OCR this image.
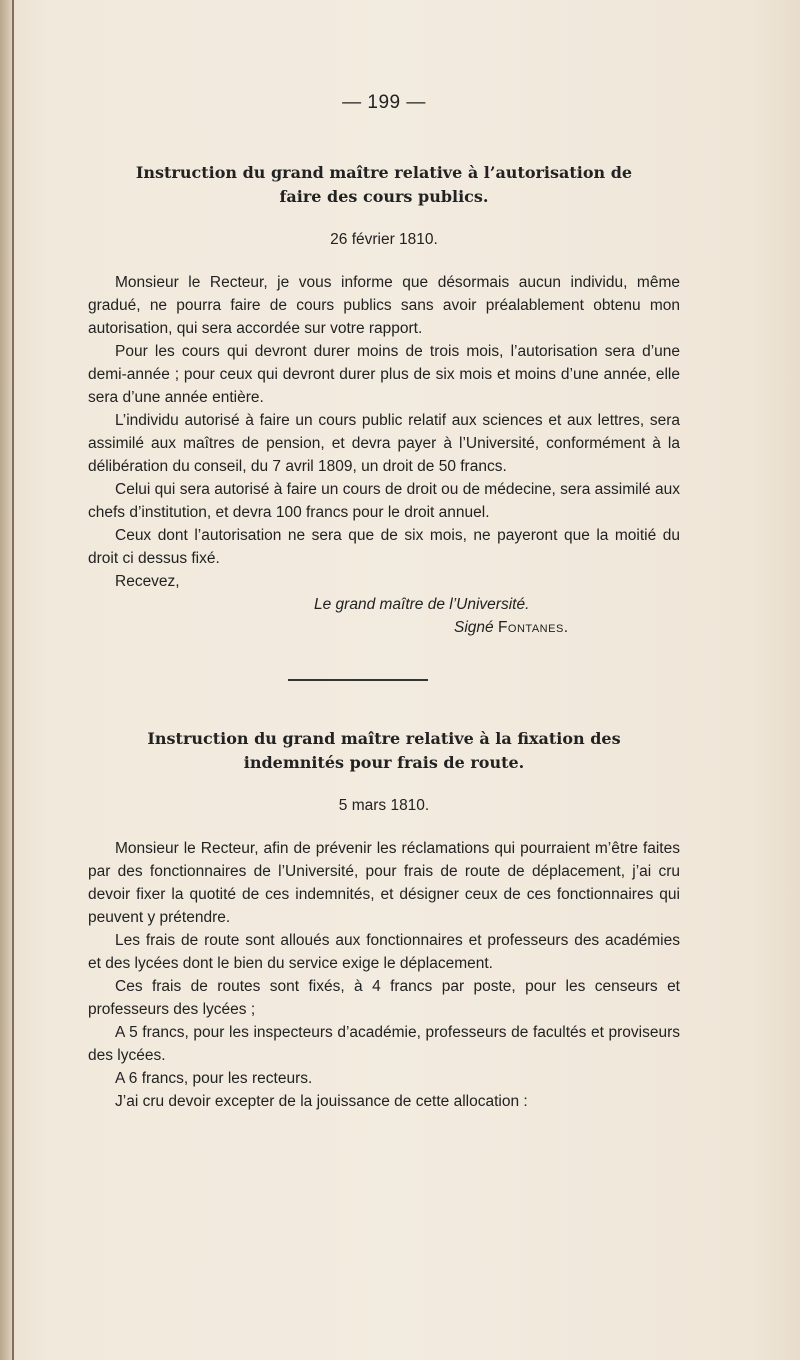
— 199 —
Instruction du grand maître relative à l’autorisation de
faire des cours publics.
26 février 1810.

Monsieur le Recteur, je vous informe que désormais aucun individu, même gradué, ne pourra faire de cours publics sans avoir préalablement obtenu mon autorisation, qui sera accordée sur votre rapport.

Pour les cours qui devront durer moins de trois mois, l’autorisation sera d’une demi-année ; pour ceux qui devront durer plus de six mois et moins d’une année, elle sera d’une année entière.

L’individu autorisé à faire un cours public relatif aux sciences et aux lettres, sera assimilé aux maîtres de pension, et devra payer à l’Université, conformément à la délibération du conseil, du 7 avril 1809, un droit de 50 francs.

Celui qui sera autorisé à faire un cours de droit ou de médecine, sera assimilé aux chefs d’institution, et devra 100 francs pour le droit annuel.

Ceux dont l’autorisation ne sera que de six mois, ne payeront que la moitié du droit ci dessus fixé.

Recevez,

Le grand maître de l’Université.
Signé Fontanes.
Instruction du grand maître relative à la fixation des
indemnités pour frais de route.
5 mars 1810.

Monsieur le Recteur, afin de prévenir les réclamations qui pourraient m’être faites par des fonctionnaires de l’Université, pour frais de route de déplacement, j’ai cru devoir fixer la quotité de ces indemnités, et désigner ceux de ces fonctionnaires qui peuvent y prétendre.

Les frais de route sont alloués aux fonctionnaires et professeurs des académies et des lycées dont le bien du service exige le déplacement.

Ces frais de routes sont fixés, à 4 francs par poste, pour les censeurs et professeurs des lycées ;

A 5 francs, pour les inspecteurs d’académie, professeurs de facultés et proviseurs des lycées.

A 6 francs, pour les recteurs.

J’ai cru devoir excepter de la jouissance de cette allocation :
